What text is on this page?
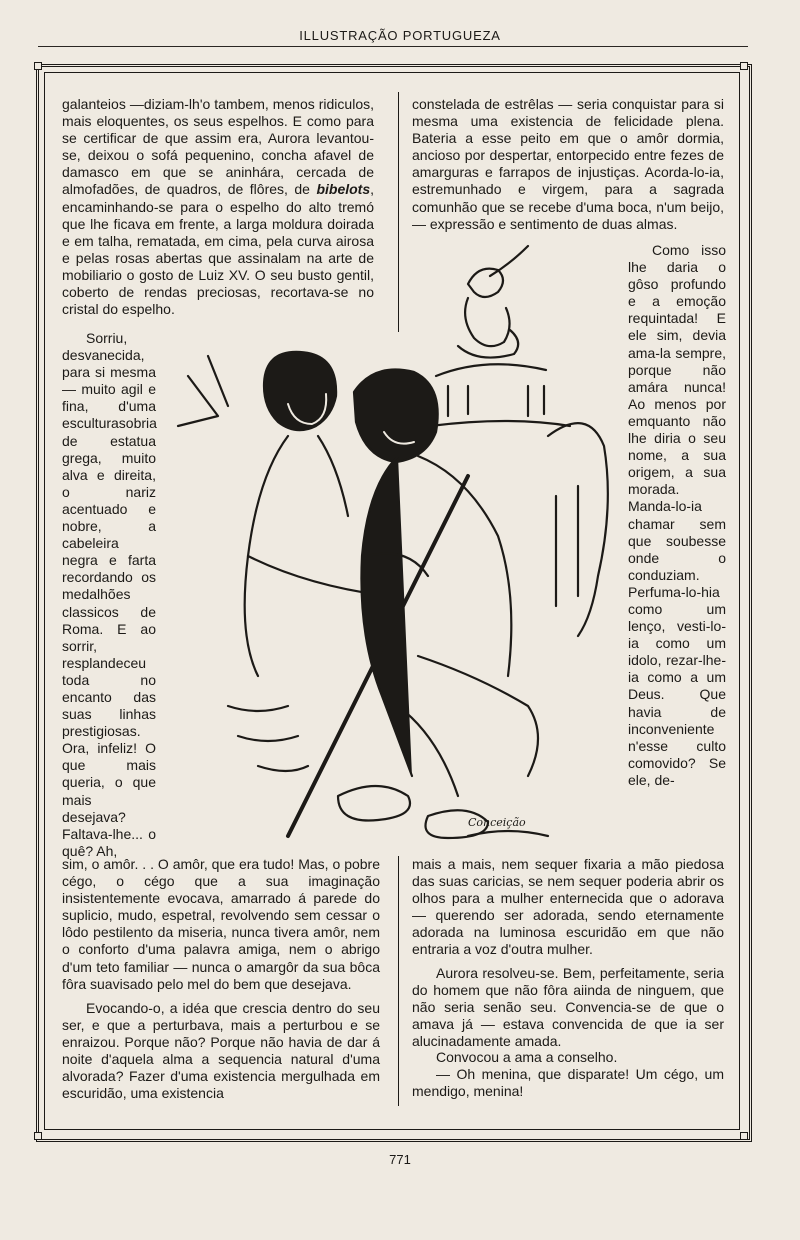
ILLUSTRAÇÃO PORTUGUEZA

galanteios —diziam-lh'o tambem, menos ridiculos, mais eloquentes, os seus espelhos. E como para se certificar de que assim era, Aurora levantou-se, deixou o sofá pequenino, concha afavel de damasco em que se aninhára, cercada de almofadões, de quadros, de flôres, de bibelots, encaminhando-se para o espelho do alto tremó que lhe ficava em frente, a larga moldura doirada e em talha, rematada, em cima, pela curva airosa e pelas rosas abertas que assinalam na arte de mobiliario o gosto de Luiz XV. O seu busto gentil, coberto de rendas preciosas, recortava-se no cristal do espelho.

Sorriu, desvanecida, para si mesma — muito agil e fina, d'uma esculturasobria de estatua grega, muito alva e direita, o nariz acentuado e nobre, a cabeleira negra e farta recordando os medalhões classicos de Roma. E ao sorrir, resplandeceu toda no encanto das suas linhas prestigiosas. Ora, infeliz! O que mais queria, o que mais desejava? Faltava-lhe... o quê? Ah,

sim, o amôr. . . O amôr, que era tudo! Mas, o pobre cégo, o cégo que a sua imaginação insistentemente evocava, amarrado á parede do suplicio, mudo, espetral, revolvendo sem cessar o lôdo pestilento da miseria, nunca tivera amôr, nem o conforto d'uma palavra amiga, nem o abrigo d'um teto familiar — nunca o amargôr da sua bôca fôra suavisado pelo mel do bem que desejava.

Evocando-o, a idéa que crescia dentro do seu ser, e que a perturbava, mais a perturbou e se enraizou. Porque não? Porque não havia de dar á noite d'aquela alma a sequencia natural d'uma alvorada? Fazer d'uma existencia mergulhada em escuridão, uma existencia

constelada de estrêlas — seria conquistar para si mesma uma existencia de felicidade plena. Bateria a esse peito em que o amôr dormia, ancioso por despertar, entorpecido entre fezes de amarguras e farrapos de injustiças. Acorda-lo-ia, estremunhado e virgem, para a sagrada comunhão que se recebe d'uma boca, n'um beijo, — expressão e sentimento de duas almas.

Como isso lhe daria o gôso profundo e a emoção requintada! E ele sim, devia ama-la sempre, porque não amára nunca! Ao menos por emquanto não lhe diria o seu nome, a sua origem, a sua morada. Manda-lo-ia chamar sem que soubesse onde o conduziam. Perfuma-lo-hia como um lenço, vesti-lo-ia como um idolo, rezar-lhe-ia como a um Deus. Que havia de inconveniente n'esse culto comovido? Se ele, de-

mais a mais, nem sequer fixaria a mão piedosa das suas caricias, se nem sequer poderia abrir os olhos para a mulher enternecida que o adorava — querendo ser adorada, sendo eternamente adorada na luminosa escuridão em que não entraria a voz d'outra mulher.

Aurora resolveu-se. Bem, perfeitamente, seria do homem que não fôra aiinda de ninguem, que não seria senão seu. Convencia-se de que o amava já — estava convencida de que ia ser alucinadamente amada.

Convocou a ama a conselho.

— Oh menina, que disparate! Um cégo, um mendigo, menina!

Conceição
771
